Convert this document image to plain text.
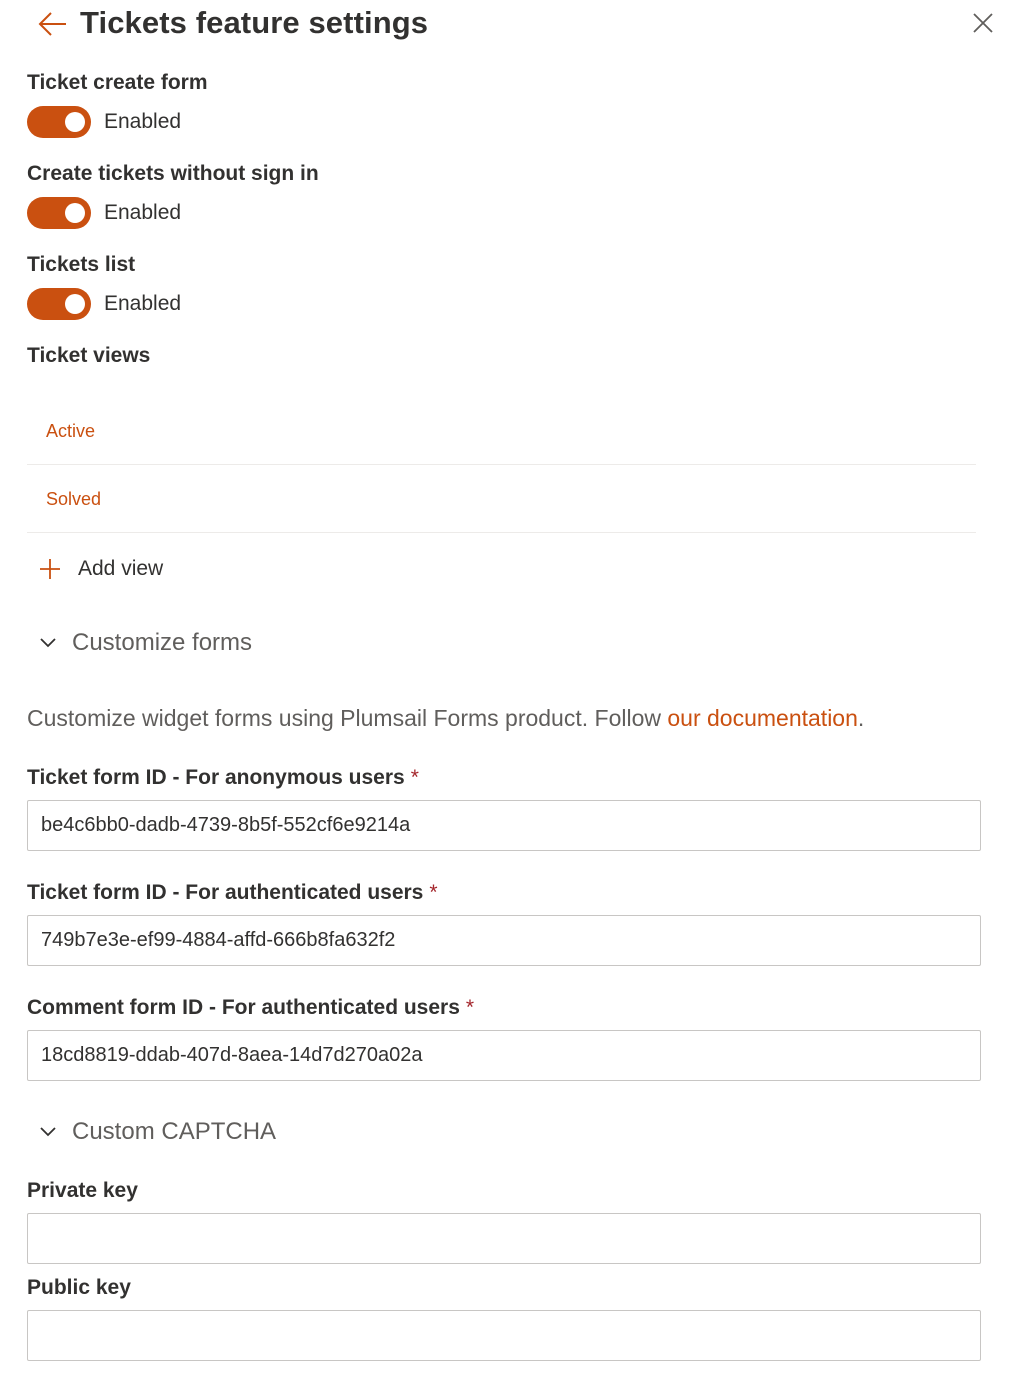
Tickets feature settings
Ticket create form
Enabled
Create tickets without sign in
Enabled
Tickets list
Enabled
Ticket views
Active
Solved
Add view
Customize forms
Customize widget forms using Plumsail Forms product. Follow our documentation.
Ticket form ID - For anonymous users *
be4c6bb0-dadb-4739-8b5f-552cf6e9214a
Ticket form ID - For authenticated users *
749b7e3e-ef99-4884-affd-666b8fa632f2
Comment form ID - For authenticated users *
18cd8819-ddab-407d-8aea-14d7d270a02a
Custom CAPTCHA
Private key
Public key
